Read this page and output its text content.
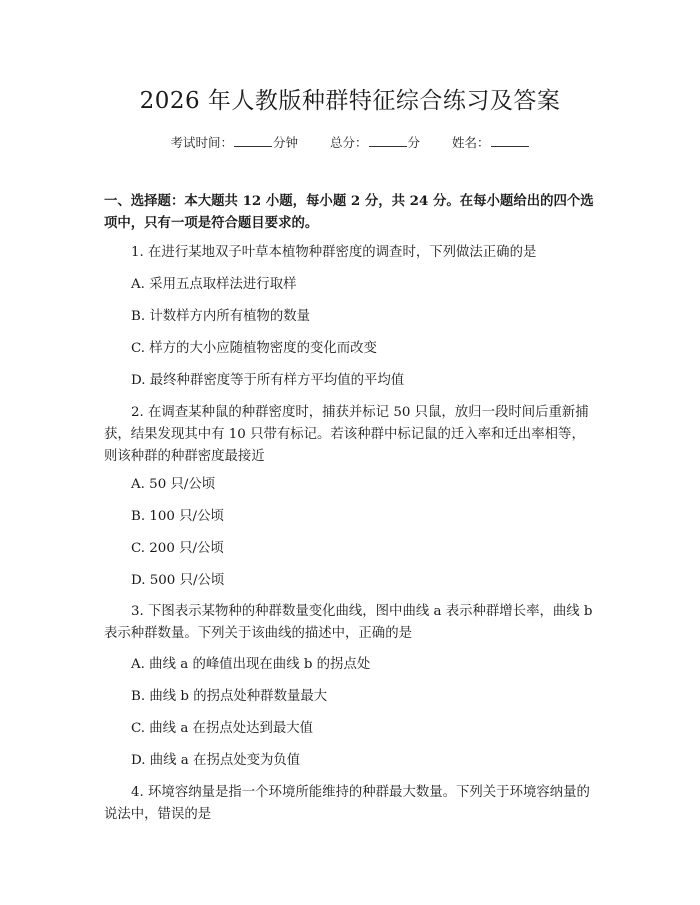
2026 年人教版种群特征综合练习及答案
考试时间：	分钟	总分：	分	姓名：

一、选择题：本大题共 12 小题，每小题 2 分，共 24 分。在每小题给出的四个选项中，只有一项是符合题目要求的。

1. 在进行某地双子叶草本植物种群密度的调查时，下列做法正确的是

A. 采用五点取样法进行取样

B. 计数样方内所有植物的数量

C. 样方的大小应随植物密度的变化而改变

D. 最终种群密度等于所有样方平均值的平均值

2. 在调查某种鼠的种群密度时，捕获并标记 50 只鼠，放归一段时间后重新捕获，结果发现其中有 10 只带有标记。若该种群中标记鼠的迁入率和迁出率相等，则该种群的种群密度最接近

A. 50 只/公顷

B. 100 只/公顷

C. 200 只/公顷

D. 500 只/公顷

3. 下图表示某物种的种群数量变化曲线，图中曲线 a 表示种群增长率，曲线 b 表示种群数量。下列关于该曲线的描述中，正确的是

A. 曲线 a 的峰值出现在曲线 b 的拐点处

B. 曲线 b 的拐点处种群数量最大

C. 曲线 a 在拐点处达到最大值

D. 曲线 a 在拐点处变为负值

4. 环境容纳量是指一个环境所能维持的种群最大数量。下列关于环境容纳量的说法中，错误的是
